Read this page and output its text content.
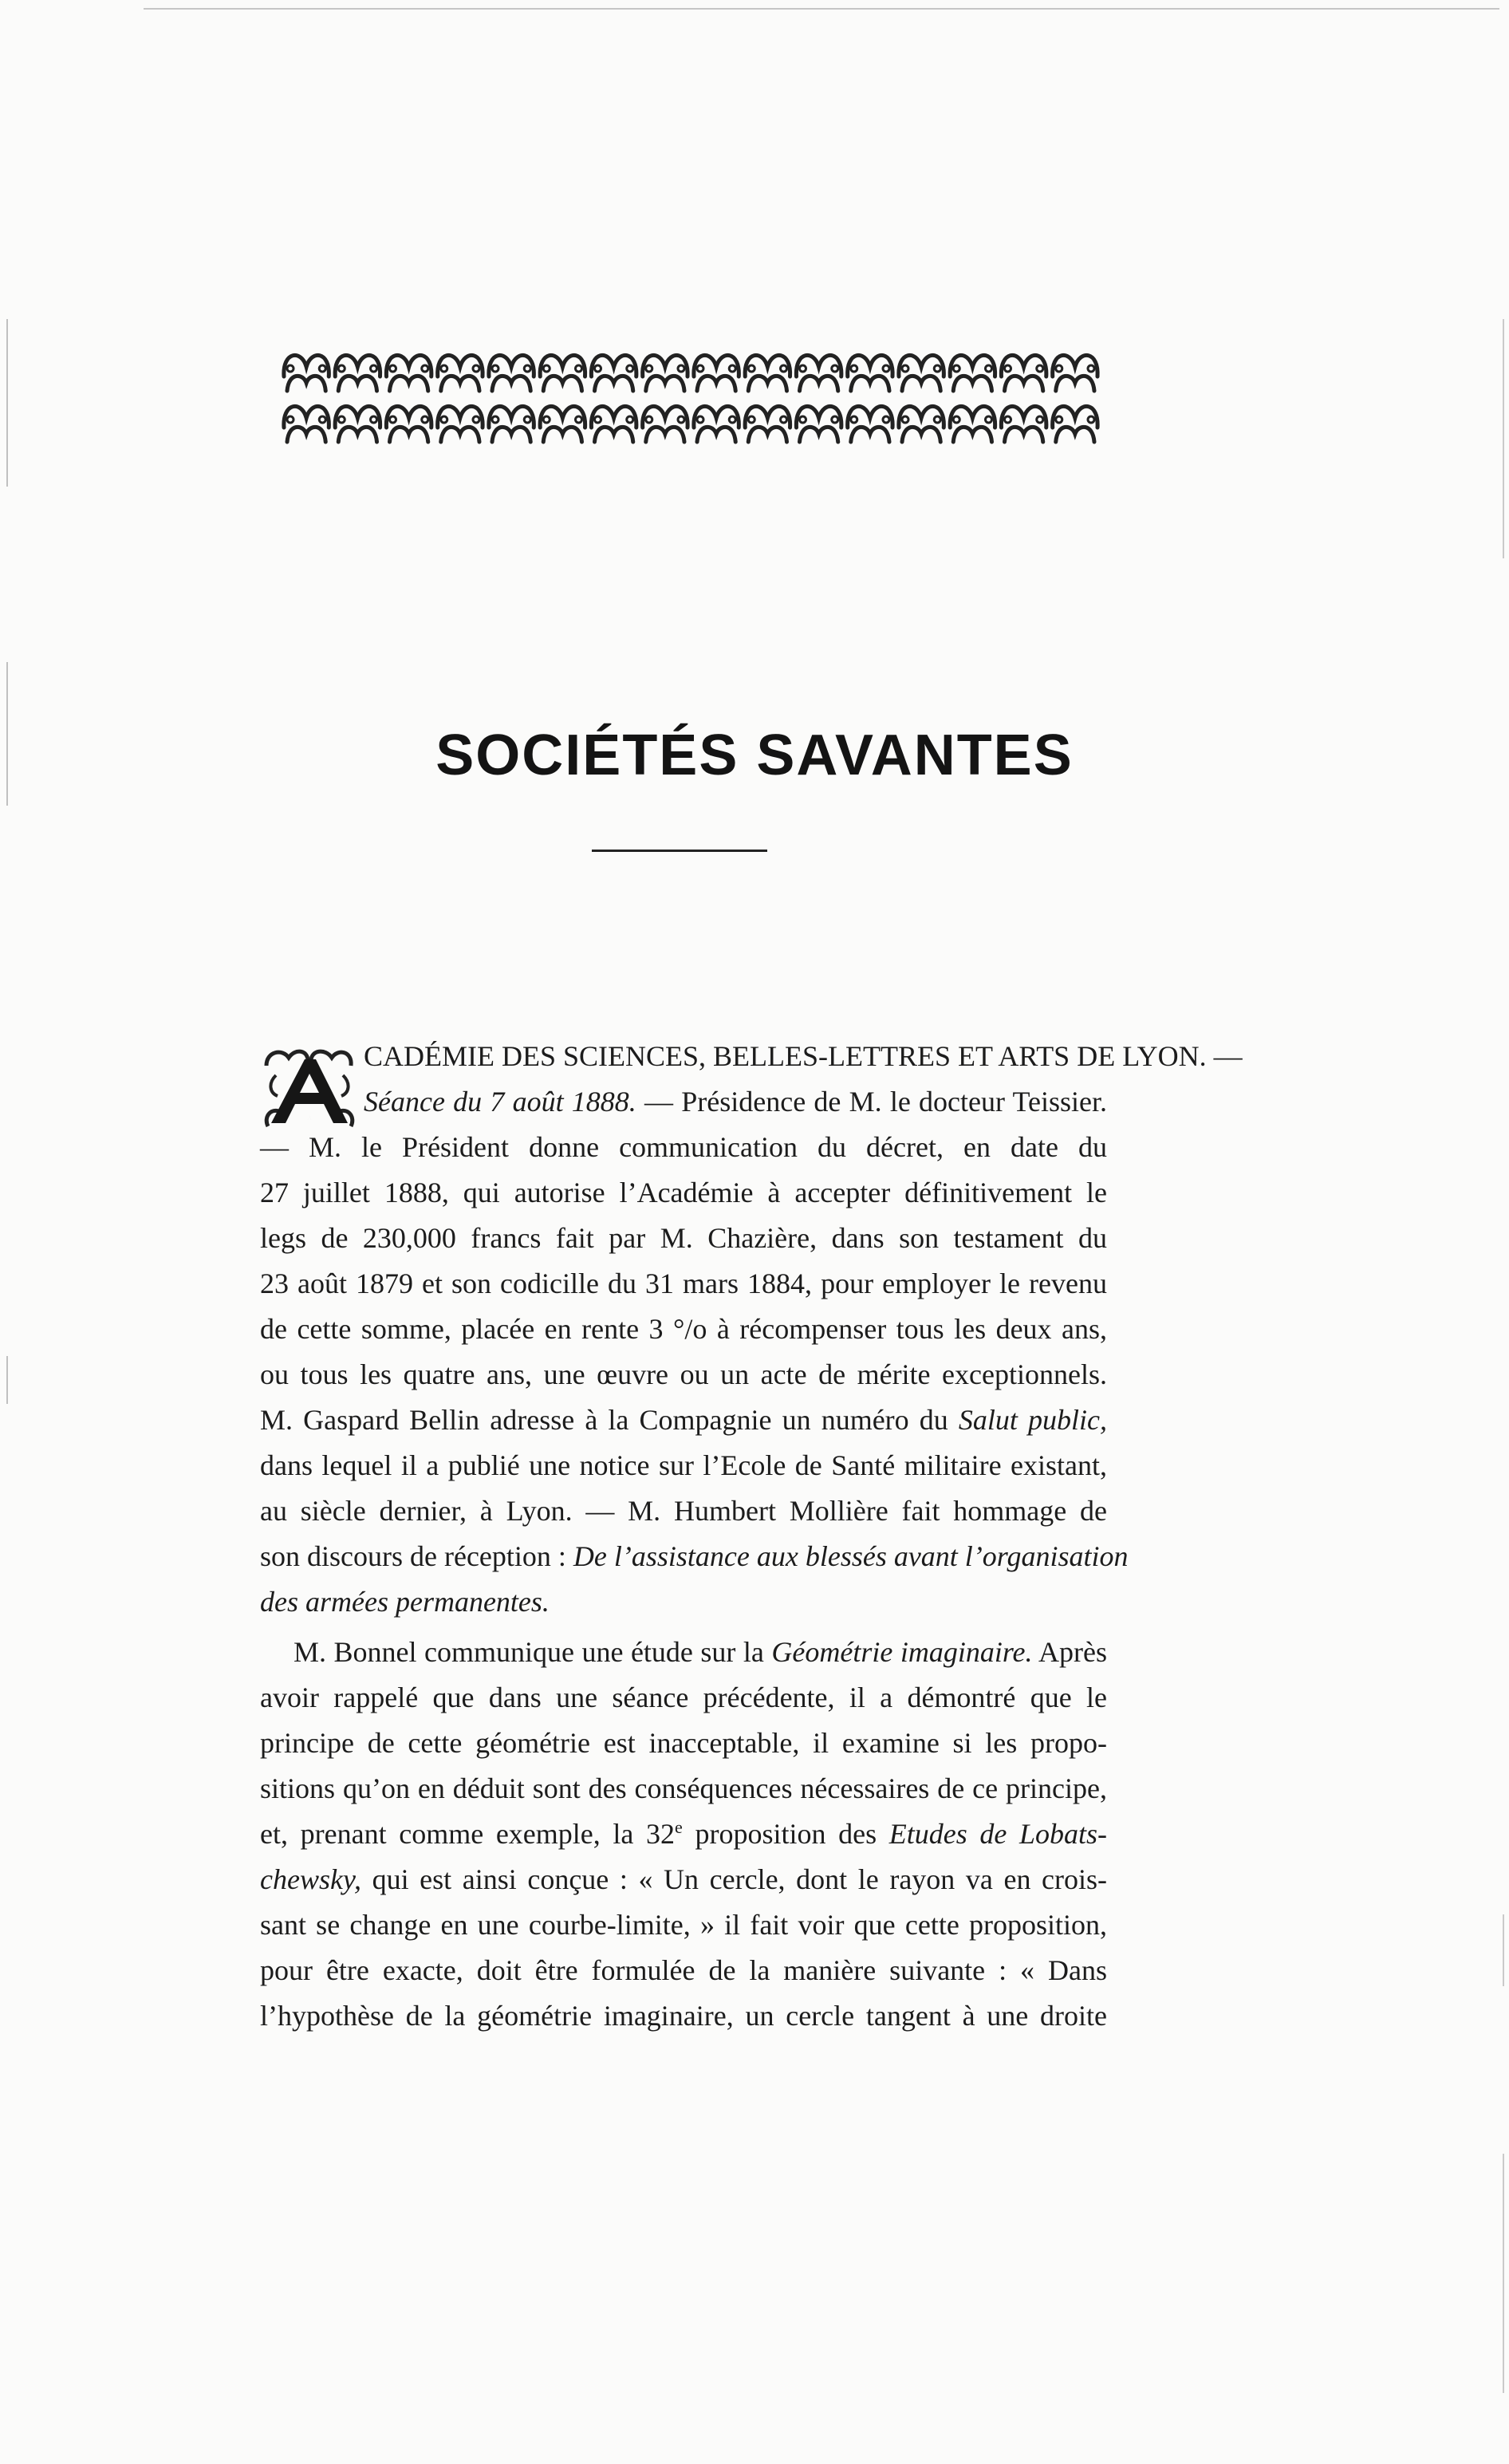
SOCIÉTÉS SAVANTES
CADÉMIE DES SCIENCES, BELLES-LETTRES ET ARTS DE LYON. —
Séance du 7 août 1888. — Présidence de M. le docteur Teissier.
— M. le Président donne communication du décret, en date du
27 juillet 1888, qui autorise l’Académie à accepter définitivement le
legs de 230,000 francs fait par M. Chazière, dans son testament du
23 août 1879 et son codicille du 31 mars 1884, pour employer le revenu
de cette somme, placée en rente 3 °/o à récompenser tous les deux ans,
ou tous les quatre ans, une œuvre ou un acte de mérite exceptionnels.
M. Gaspard Bellin adresse à la Compagnie un numéro du Salut public,
dans lequel il a publié une notice sur l’Ecole de Santé militaire existant,
au siècle dernier, à Lyon. — M. Humbert Mollière fait hommage de
son discours de réception : De l’assistance aux blessés avant l’organisation
des armées permanentes.
M. Bonnel communique une étude sur la Géométrie imaginaire. Après
avoir rappelé que dans une séance précédente, il a démontré que le
principe de cette géométrie est inacceptable, il examine si les propo-
sitions qu’on en déduit sont des conséquences nécessaires de ce principe,
et, prenant comme exemple, la 32e proposition des Etudes de Lobats-
chewsky, qui est ainsi conçue : « Un cercle, dont le rayon va en crois-
sant se change en une courbe-limite, » il fait voir que cette proposition,
pour être exacte, doit être formulée de la manière suivante : « Dans
l’hypothèse de la géométrie imaginaire, un cercle tangent à une droite
